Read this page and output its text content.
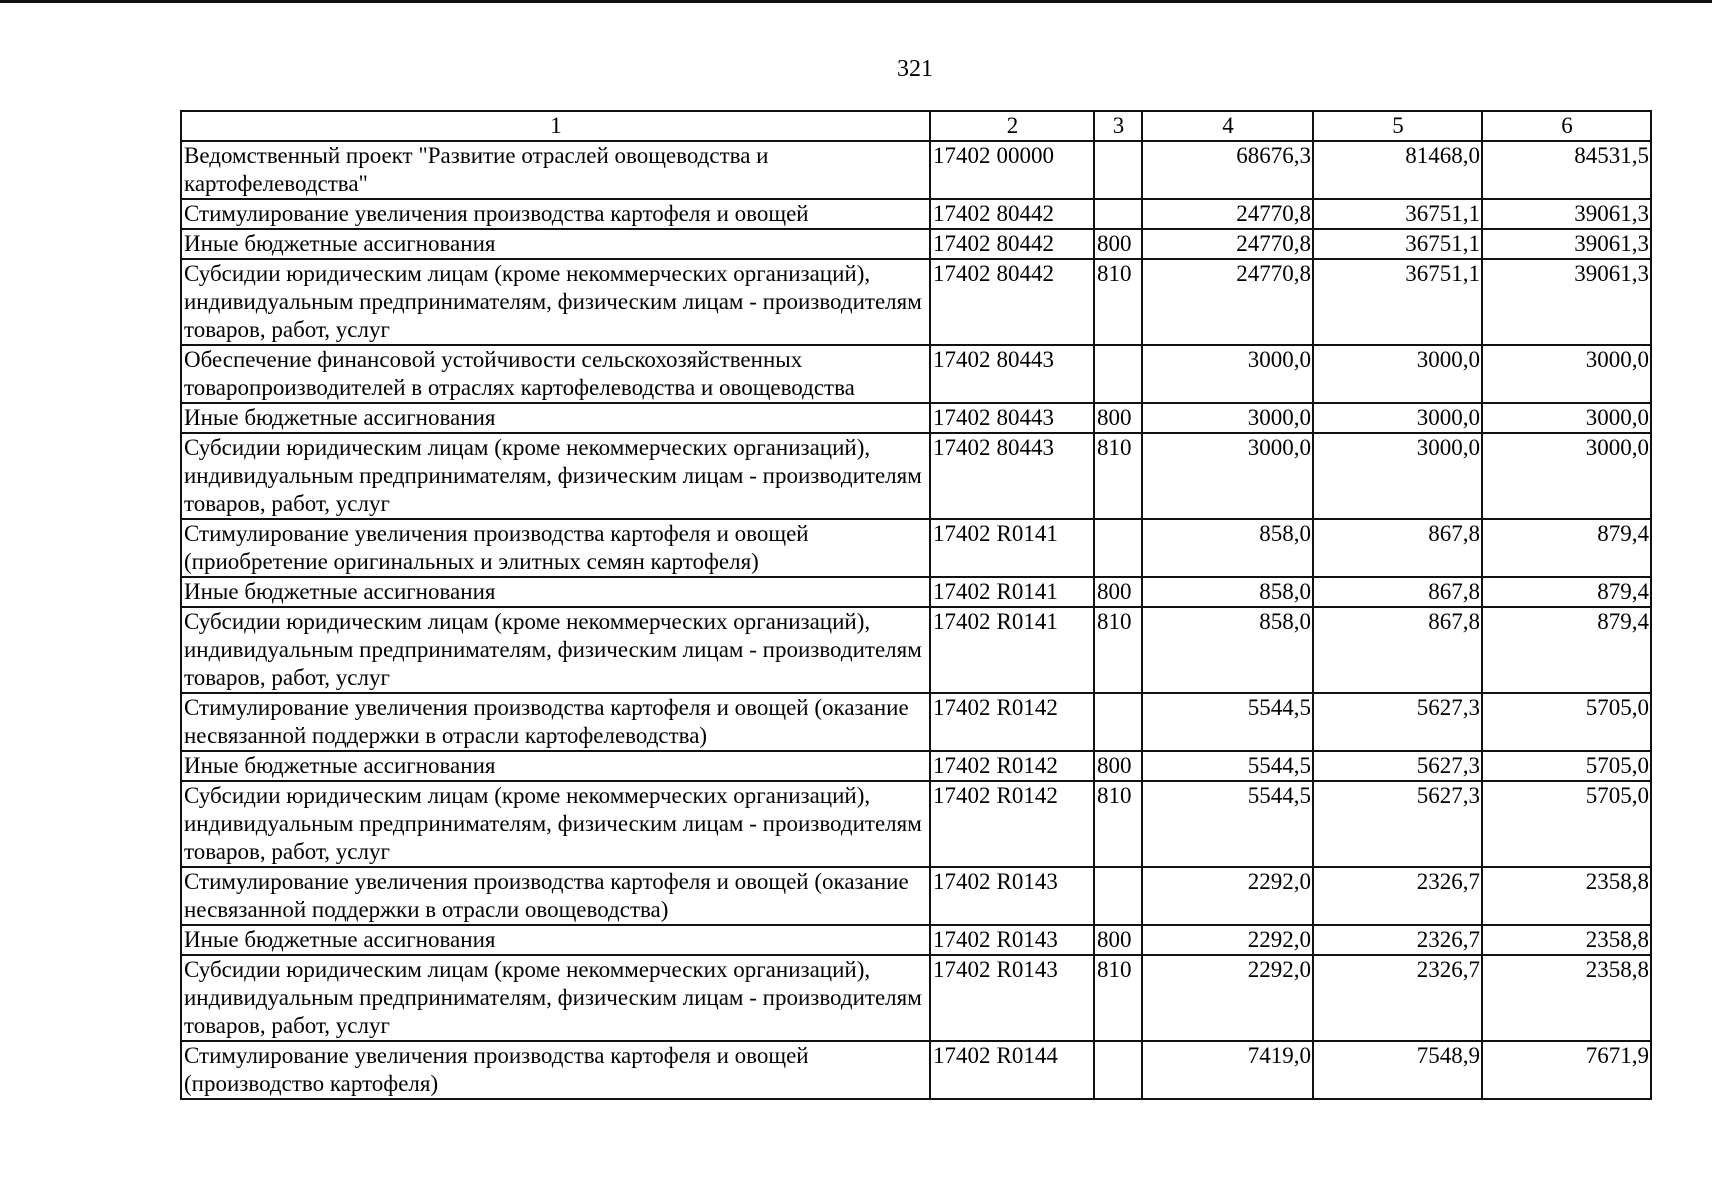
321
1	2	3	4	5	6
Ведомственный проект "Развитие отраслей овощеводства и картофелеводства"	17402 00000		68676,3	81468,0	84531,5
Стимулирование увеличения производства картофеля и овощей	17402 80442		24770,8	36751,1	39061,3
Иные бюджетные ассигнования	17402 80442	800	24770,8	36751,1	39061,3
Субсидии юридическим лицам (кроме некоммерческих организаций), индивидуальным предпринимателям, физическим лицам - производителям товаров, работ, услуг	17402 80442	810	24770,8	36751,1	39061,3
Обеспечение финансовой устойчивости сельскохозяйственных товаропроизводителей в отраслях картофелеводства и овощеводства	17402 80443		3000,0	3000,0	3000,0
Иные бюджетные ассигнования	17402 80443	800	3000,0	3000,0	3000,0
Субсидии юридическим лицам (кроме некоммерческих организаций), индивидуальным предпринимателям, физическим лицам - производителям товаров, работ, услуг	17402 80443	810	3000,0	3000,0	3000,0
Стимулирование увеличения производства картофеля и овощей (приобретение оригинальных и элитных семян картофеля)	17402 R0141		858,0	867,8	879,4
Иные бюджетные ассигнования	17402 R0141	800	858,0	867,8	879,4
Субсидии юридическим лицам (кроме некоммерческих организаций), индивидуальным предпринимателям, физическим лицам - производителям товаров, работ, услуг	17402 R0141	810	858,0	867,8	879,4
Стимулирование увеличения производства картофеля и овощей (оказание несвязанной поддержки в отрасли картофелеводства)	17402 R0142		5544,5	5627,3	5705,0
Иные бюджетные ассигнования	17402 R0142	800	5544,5	5627,3	5705,0
Субсидии юридическим лицам (кроме некоммерческих организаций), индивидуальным предпринимателям, физическим лицам - производителям товаров, работ, услуг	17402 R0142	810	5544,5	5627,3	5705,0
Стимулирование увеличения производства картофеля и овощей (оказание несвязанной поддержки в отрасли овощеводства)	17402 R0143		2292,0	2326,7	2358,8
Иные бюджетные ассигнования	17402 R0143	800	2292,0	2326,7	2358,8
Субсидии юридическим лицам (кроме некоммерческих организаций), индивидуальным предпринимателям, физическим лицам - производителям товаров, работ, услуг	17402 R0143	810	2292,0	2326,7	2358,8
Стимулирование увеличения производства картофеля и овощей (производство картофеля)	17402 R0144		7419,0	7548,9	7671,9
